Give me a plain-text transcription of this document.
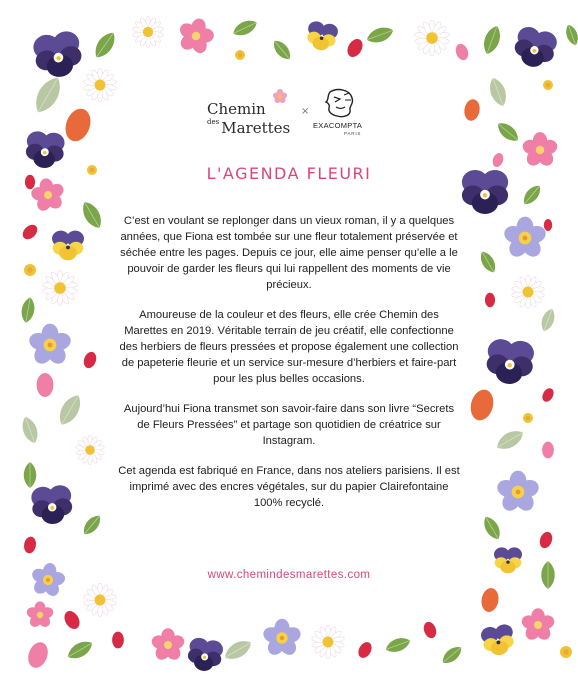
Chemin
$^{des}$ Marettes
×
EXACOMPTA
PARIS
L'AGENDA FLEURI

C’est en voulant se replonger dans un vieux roman, il y a quelques années, que Fiona est tombée sur une fleur totalement préservée et séchée entre les pages. Depuis ce jour, elle aime penser qu’elle a le pouvoir de garder les fleurs qui lui rappellent des moments de vie précieux.

Amoureuse de la couleur et des fleurs, elle crée Chemin des Marettes en 2019. Véritable terrain de jeu créatif, elle confectionne des herbiers de fleurs pressées et propose également une collection de papeterie fleurie et un service sur-mesure d’herbiers et faire-part pour les plus belles occasions.

Aujourd’hui Fiona transmet son savoir-faire dans son livre “Secrets de Fleurs Pressées” et partage son quotidien de créatrice sur Instagram.

Cet agenda est fabriqué en France, dans nos ateliers parisiens. Il est imprimé avec des encres végétales, sur du papier Clairefontaine 100% recyclé.

www.chemindesmarettes.com
